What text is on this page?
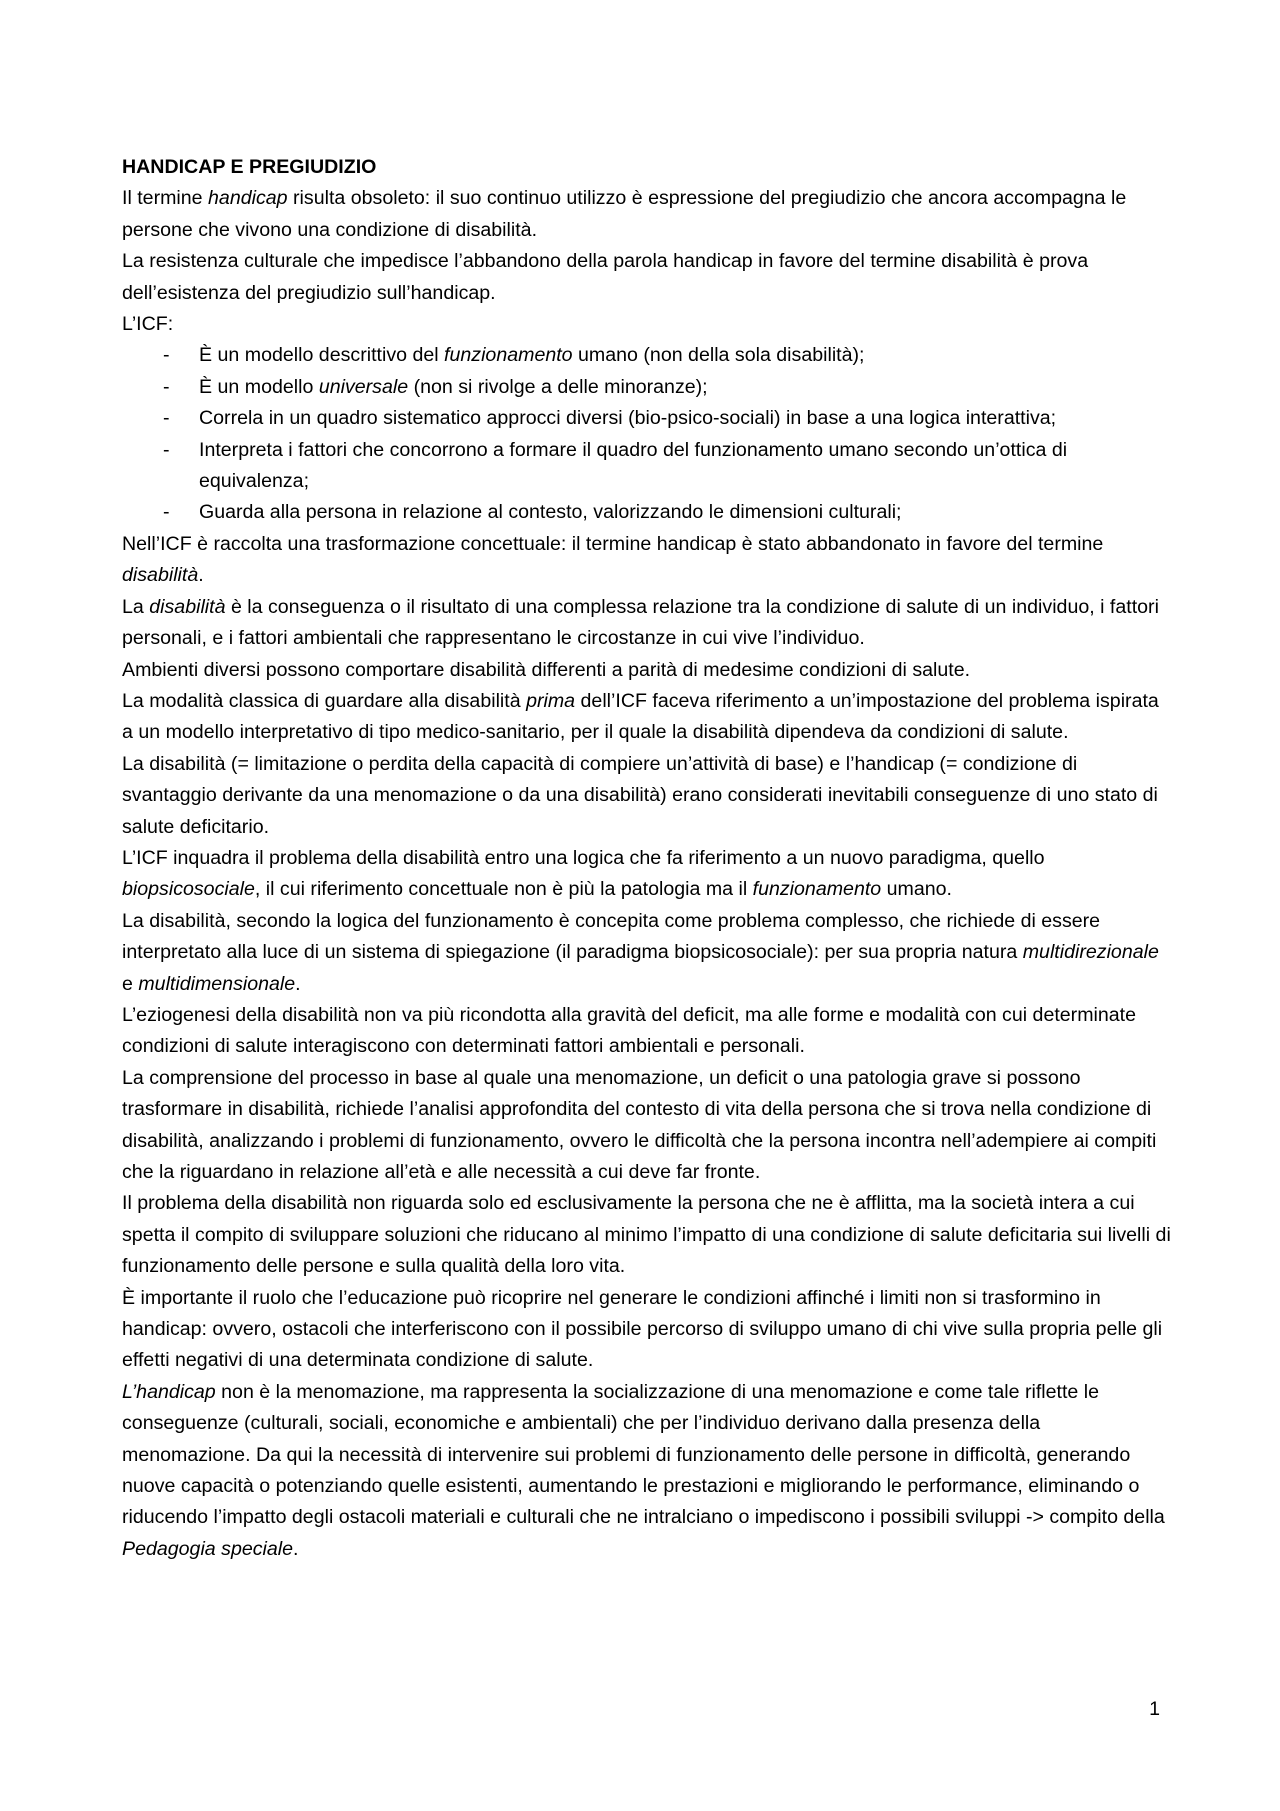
HANDICAP E PREGIUDIZIO

Il termine handicap risulta obsoleto: il suo continuo utilizzo è espressione del pregiudizio che ancora accompagna le persone che vivono una condizione di disabilità.

La resistenza culturale che impedisce l’abbandono della parola handicap in favore del termine disabilità è prova dell’esistenza del pregiudizio sull’handicap.

L’ICF:

- È un modello descrittivo del funzionamento umano (non della sola disabilità);
- È un modello universale (non si rivolge a delle minoranze);
- Correla in un quadro sistematico approcci diversi (bio-psico-sociali) in base a una logica interattiva;
- Interpreta i fattori che concorrono a formare il quadro del funzionamento umano secondo un’ottica di equivalenza;
- Guarda alla persona in relazione al contesto, valorizzando le dimensioni culturali;

Nell’ICF è raccolta una trasformazione concettuale: il termine handicap è stato abbandonato in favore del termine disabilità.

La disabilità è la conseguenza o il risultato di una complessa relazione tra la condizione di salute di un individuo, i fattori personali, e i fattori ambientali che rappresentano le circostanze in cui vive l’individuo.

Ambienti diversi possono comportare disabilità differenti a parità di medesime condizioni di salute.

La modalità classica di guardare alla disabilità prima dell’ICF faceva riferimento a un’impostazione del problema ispirata a un modello interpretativo di tipo medico-sanitario, per il quale la disabilità dipendeva da condizioni di salute.

La disabilità (= limitazione o perdita della capacità di compiere un’attività di base) e l’handicap (= condizione di svantaggio derivante da una menomazione o da una disabilità) erano considerati inevitabili conseguenze di uno stato di salute deficitario.

L’ICF inquadra il problema della disabilità entro una logica che fa riferimento a un nuovo paradigma, quello biopsicosociale, il cui riferimento concettuale non è più la patologia ma il funzionamento umano.

La disabilità, secondo la logica del funzionamento è concepita come problema complesso, che richiede di essere interpretato alla luce di un sistema di spiegazione (il paradigma biopsicosociale): per sua propria natura multidirezionale e multidimensionale.

L’eziogenesi della disabilità non va più ricondotta alla gravità del deficit, ma alle forme e modalità con cui determinate condizioni di salute interagiscono con determinati fattori ambientali e personali.

La comprensione del processo in base al quale una menomazione, un deficit o una patologia grave si possono trasformare in disabilità, richiede l’analisi approfondita del contesto di vita della persona che si trova nella condizione di disabilità, analizzando i problemi di funzionamento, ovvero le difficoltà che la persona incontra nell’adempiere ai compiti che la riguardano in relazione all’età e alle necessità a cui deve far fronte.

Il problema della disabilità non riguarda solo ed esclusivamente la persona che ne è afflitta, ma la società intera a cui spetta il compito di sviluppare soluzioni che riducano al minimo l’impatto di una condizione di salute deficitaria sui livelli di funzionamento delle persone e sulla qualità della loro vita.

È importante il ruolo che l’educazione può ricoprire nel generare le condizioni affinché i limiti non si trasformino in handicap: ovvero, ostacoli che interferiscono con il possibile percorso di sviluppo umano di chi vive sulla propria pelle gli effetti negativi di una determinata condizione di salute.

L’handicap non è la menomazione, ma rappresenta la socializzazione di una menomazione e come tale riflette le conseguenze (culturali, sociali, economiche e ambientali) che per l’individuo derivano dalla presenza della menomazione. Da qui la necessità di intervenire sui problemi di funzionamento delle persone in difficoltà, generando nuove capacità o potenziando quelle esistenti, aumentando le prestazioni e migliorando le performance, eliminando o riducendo l’impatto degli ostacoli materiali e culturali che ne intralciano o impediscono i possibili sviluppi -> compito della Pedagogia speciale.

1
